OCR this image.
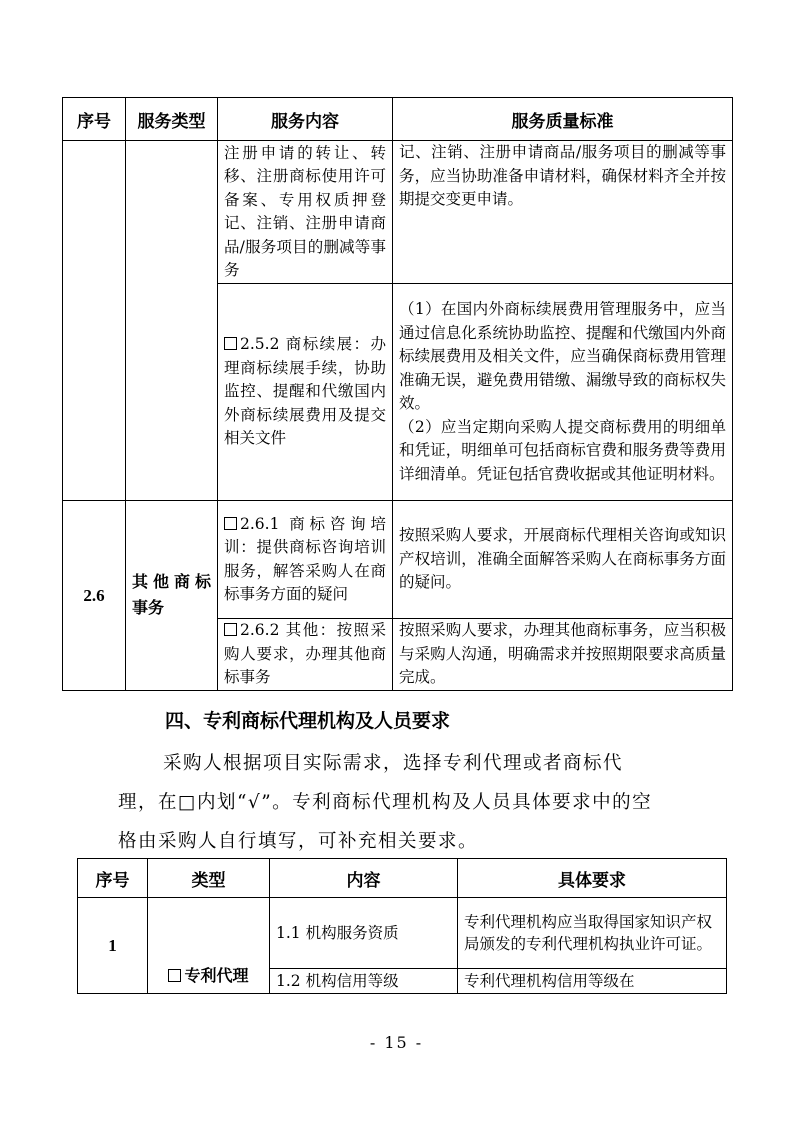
序号	服务类型	服务内容	服务质量标准
		注册申请的转让、转移、注册商标使用许可备案、专用权质押登记、注销、注册申请商品/服务项目的删减等事务	记、注销、注册申请商品/服务项目的删减等事务，应当协助准备申请材料，确保材料齐全并按期提交变更申请。
		2.5.2 商标续展：办理商标续展手续，协助监控、提醒和代缴国内外商标续展费用及提交相关文件	（1）在国内外商标续展费用管理服务中，应当通过信息化系统协助监控、提醒和代缴国内外商标续展费用及相关文件，应当确保商标费用管理准确无误，避免费用错缴、漏缴导致的商标权失效。
（2）应当定期向采购人提交商标费用的明细单和凭证，明细单可包括商标官费和服务费等费用详细清单。凭证包括官费收据或其他证明材料。

2.6	其他商标事务	2.6.1 商标咨询培训：提供商标咨询培训服务，解答采购人在商标事务方面的疑问	按照采购人要求，开展商标代理相关咨询或知识产权培训，准确全面解答采购人在商标事务方面的疑问。
		2.6.2 其他：按照采购人要求，办理其他商标事务	按照采购人要求，办理其他商标事务，应当积极与采购人沟通，明确需求并按照期限要求高质量完成。
四、专利商标代理机构及人员要求
采购人根据项目实际需求，选择专利代理或者商标代
理，在□内划“√”。专利商标代理机构及人员具体要求中的空
格由采购人自行填写，可补充相关要求。
序号	类型	内容	具体要求
1	专利代理	1.1 机构服务资质	专利代理机构应当取得国家知识产权局颁发的专利代理机构执业许可证。
		1.2 机构信用等级	专利代理机构信用等级在
- 15 -
